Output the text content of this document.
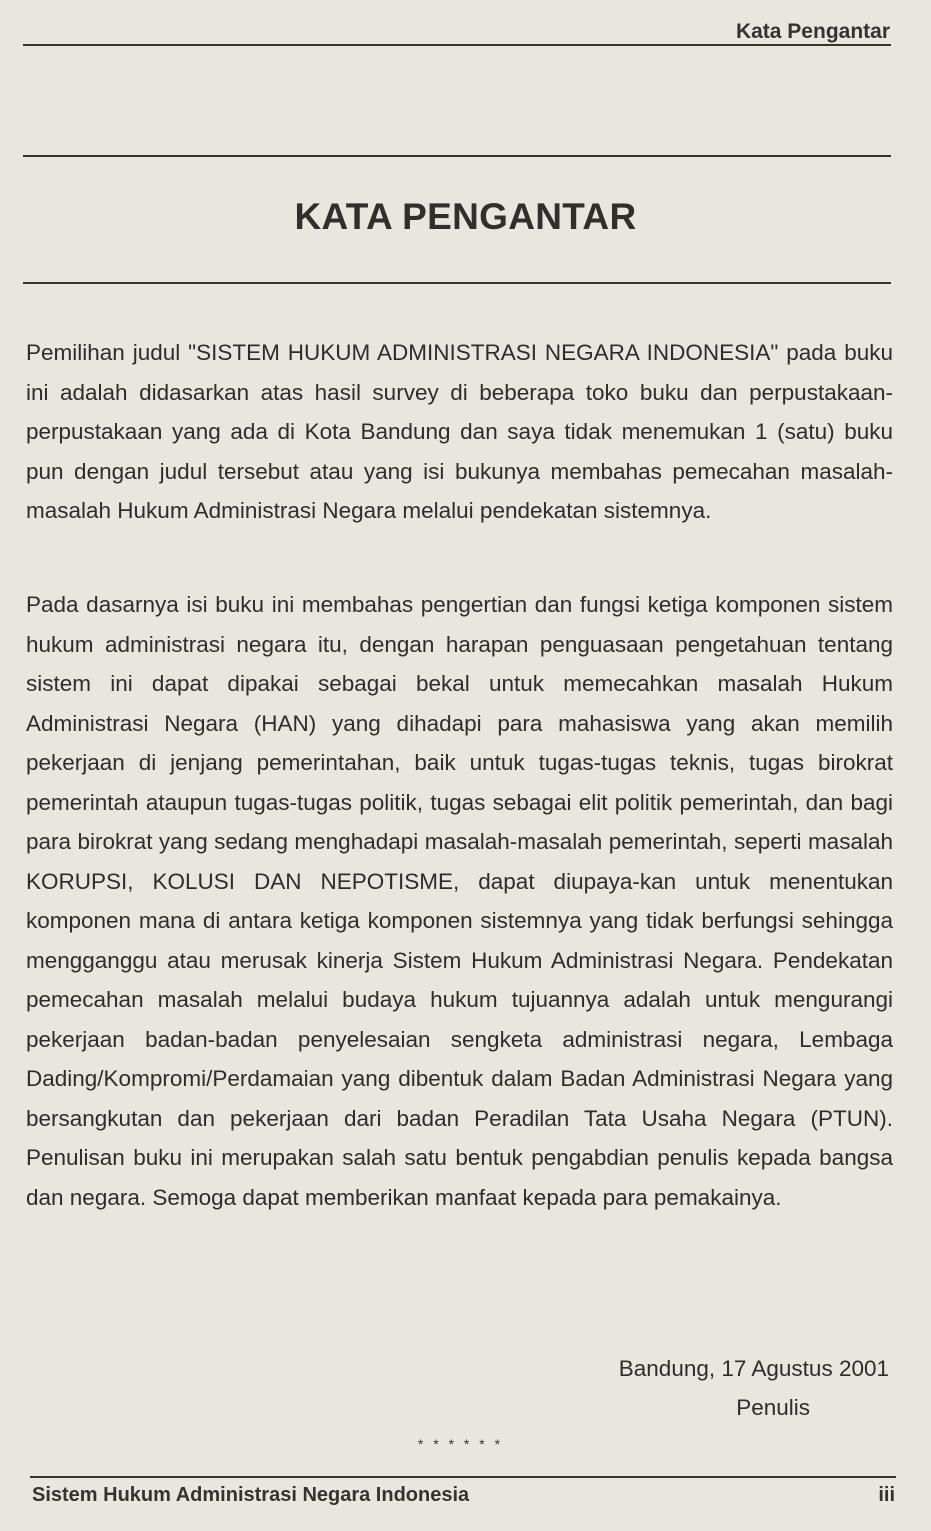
Kata Pengantar
KATA PENGANTAR

Pemilihan judul "SISTEM HUKUM ADMINISTRASI NEGARA INDONESIA" pada buku ini adalah didasarkan atas hasil survey di beberapa toko buku dan perpustakaan-perpustakaan yang ada di Kota Bandung dan saya tidak menemukan 1 (satu) buku pun dengan judul tersebut atau yang isi bukunya membahas pemecahan masalah-masalah Hukum Administrasi Negara melalui pendekatan sistemnya.

Pada dasarnya isi buku ini membahas pengertian dan fungsi ketiga komponen sistem hukum administrasi negara itu, dengan harapan penguasaan pengetahuan tentang sistem ini dapat dipakai sebagai bekal untuk memecahkan masalah Hukum Administrasi Negara (HAN) yang dihadapi para mahasiswa yang akan memilih pekerjaan di jenjang pemerintahan, baik untuk tugas-tugas teknis, tugas birokrat pemerintah ataupun tugas-tugas politik, tugas sebagai elit politik pemerintah, dan bagi para birokrat yang sedang menghadapi masalah-masalah pemerintah, seperti masalah KORUPSI, KOLUSI DAN NEPOTISME, dapat diupaya-kan untuk menentukan komponen mana di antara ketiga komponen sistemnya yang tidak berfungsi sehingga mengganggu atau merusak kinerja Sistem Hukum Administrasi Negara. Pendekatan pemecahan masalah melalui budaya hukum tujuannya adalah untuk mengurangi pekerjaan badan-badan penyelesaian sengketa administrasi negara, Lembaga Dading/Kompromi/Perdamaian yang dibentuk dalam Badan Administrasi Negara yang bersangkutan dan pekerjaan dari badan Peradilan Tata Usaha Negara (PTUN). Penulisan buku ini merupakan salah satu bentuk pengabdian penulis kepada bangsa dan negara. Semoga dapat memberikan manfaat kepada para pemakainya.

Bandung, 17 Agustus 2001
Penulis
* * * * * *
Sistem Hukum Administrasi Negara Indonesia	iii
